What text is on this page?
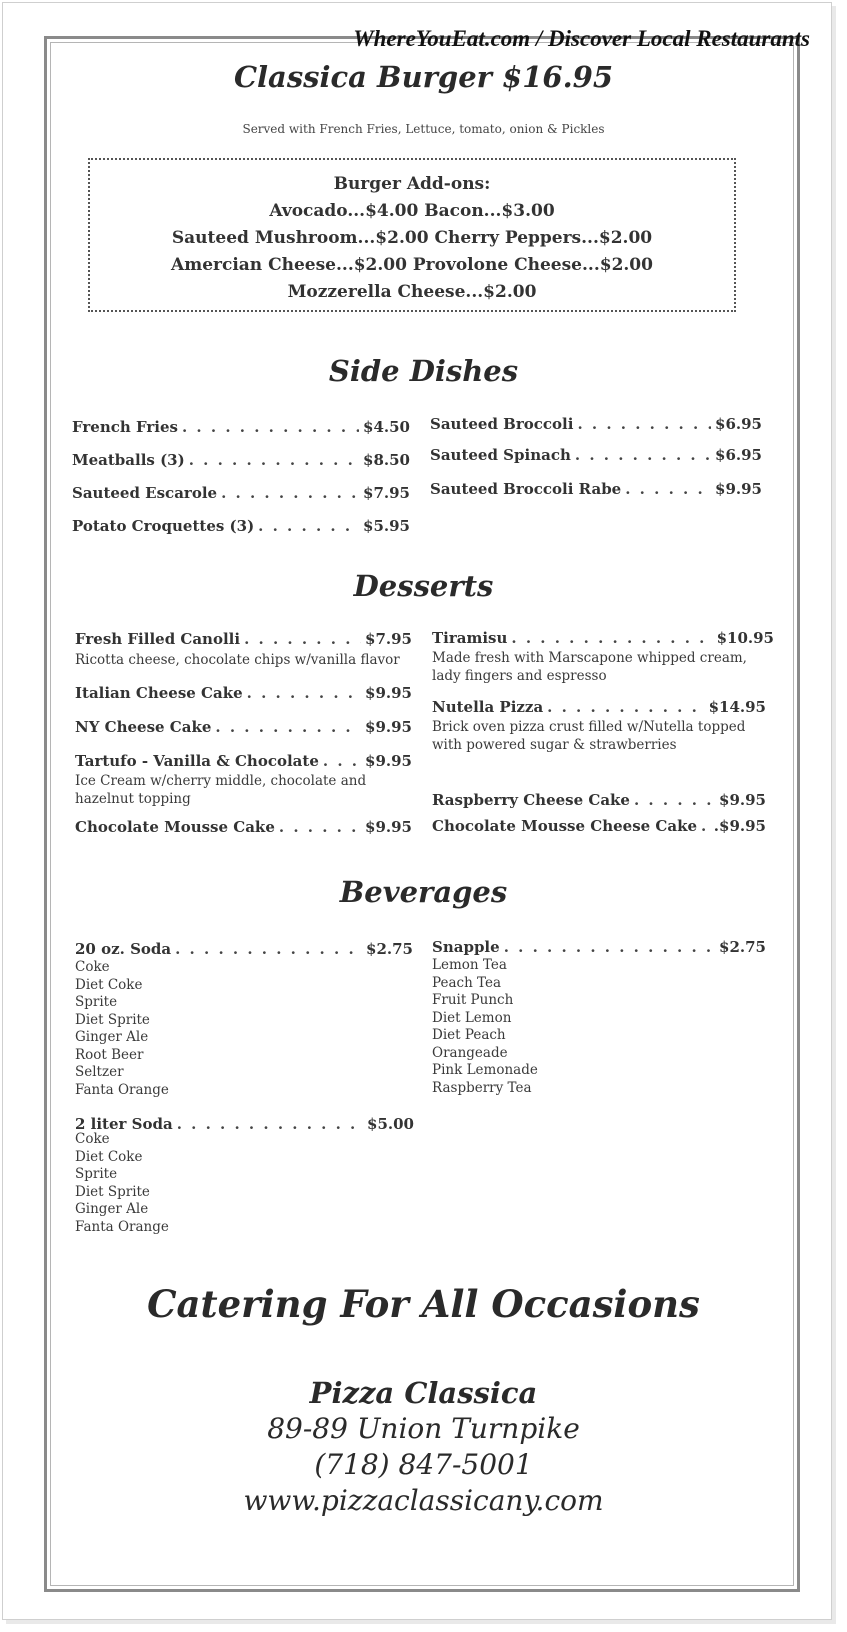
WhereYouEat.com / Discover Local Restaurants
Classica Burger $16.95
Served with French Fries, Lettuce, tomato, onion & Pickles
Burger Add-ons:
Avocado...$4.00 Bacon...$3.00
Sauteed Mushroom...$2.00 Cherry Peppers...$2.00
Amercian Cheese...$2.00 Provolone Cheese...$2.00
Mozzerella Cheese...$2.00
Side Dishes
French Fries . . .	$4.50
Meatballs (3) . . .	$8.50
Sauteed Escarole . . .	$7.95
Potato Croquettes (3) . . .	$5.95
Sauteed Broccoli . . .	$6.95
Sauteed Spinach . . .	$6.95
Sauteed Broccoli Rabe . . .	$9.95
Desserts
Fresh Filled Canolli . . .	$7.95
Ricotta cheese, chocolate chips w/vanilla flavor
Italian Cheese Cake . . .	$9.95
NY Cheese Cake . . .	$9.95
Tartufo - Vanilla & Chocolate . . .	$9.95
Ice Cream w/cherry middle, chocolate and
hazelnut topping
Chocolate Mousse Cake . . .	$9.95
Tiramisu . . .	$10.95
Made fresh with Marscapone whipped cream,
lady fingers and espresso
Nutella Pizza . . .	$14.95
Brick oven pizza crust filled w/Nutella topped
with powered sugar & strawberries
Raspberry Cheese Cake . . .	$9.95
Chocolate Mousse Cheese Cake . . . .$9.95
Beverages
20 oz. Soda . . .	$2.75
Coke
Diet Coke
Sprite
Diet Sprite
Ginger Ale
Root Beer
Seltzer
Fanta Orange
Snapple . . .	$2.75
Lemon Tea
Peach Tea
Fruit Punch
Diet Lemon
Diet Peach
Orangeade
Pink Lemonade
Raspberry Tea
2 liter Soda . . .	$5.00
Coke
Diet Coke
Sprite
Diet Sprite
Ginger Ale
Fanta Orange
Catering For All Occasions
Pizza Classica
89-89 Union Turnpike
(718) 847-5001
www.pizzaclassicany.com
